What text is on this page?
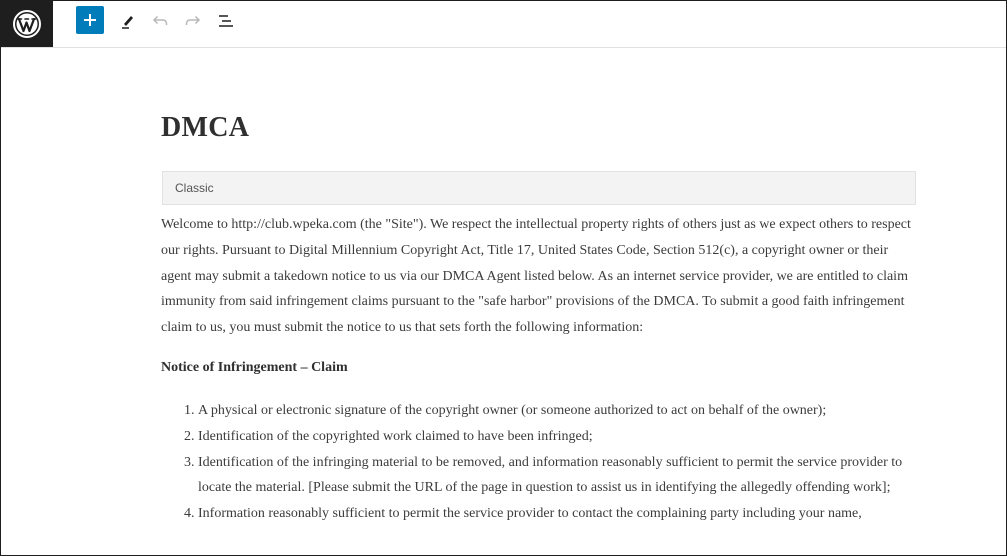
DMCA
Classic

Welcome to http://club.wpeka.com (the "Site"). We respect the intellectual property rights of others just as we expect others to respect our rights. Pursuant to Digital Millennium Copyright Act, Title 17, United States Code, Section 512(c), a copyright owner or their agent may submit a takedown notice to us via our DMCA Agent listed below. As an internet service provider, we are entitled to claim immunity from said infringement claims pursuant to the "safe harbor" provisions of the DMCA. To submit a good faith infringement claim to us, you must submit the notice to us that sets forth the following information:

Notice of Infringement – Claim

1. A physical or electronic signature of the copyright owner (or someone authorized to act on behalf of the owner);
2. Identification of the copyrighted work claimed to have been infringed;
3. Identification of the infringing material to be removed, and information reasonably sufficient to permit the service provider to locate the material. [Please submit the URL of the page in question to assist us in identifying the allegedly offending work];
4. Information reasonably sufficient to permit the service provider to contact the complaining party including your name,
